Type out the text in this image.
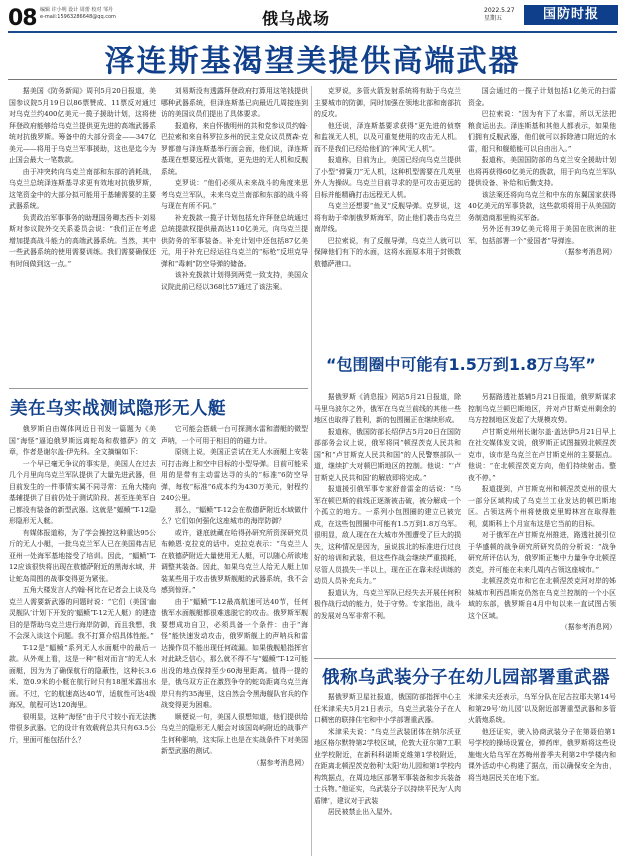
08 编辑 许小明 设计 周蕾 校对 邹丹
e-mail:15963286648@qq.com	俄乌战场	2022.5.27
星期五	国防时报
泽连斯基渴望美提供高端武器

据美国《防务新闻》周刊5月20日报道，美国参议院5月19日以86票赞成、11票反对通过对乌克兰约400亿美元一揽子援助计划，这将使拜登政府能够给乌克兰提供更先进的高端武器系统对抗俄罗斯。筹备中的大部分资金——347亿美元——将用于乌克兰军事援助，这也是迄今为止国会最大一笔数款。

由于冲突转向乌克兰南部和东部的消耗战，乌克兰总统泽连斯基寻求更有效地对抗俄罗斯，这笔资金中的大部分拟可能用于基辅需要的主要武器系统。

负责政治军事事务的助理国务卿杰西卡·刘易斯对参议院外交关系委员会说：“我们正在考虑增加提高战斗能力的高端武器系统。当然，其中一些武器系统的使用需要训练。我们需要确保还有时间做到这一点。”

刘易斯没有透露拜登政府打算用这笔钱提供哪种武器系统，但泽连斯基已向最近几周接连到访的美国议员们提出了具体要求。

报道称，来自怀俄明州的共和党参议员约翰·巴拉索和来自科罗拉多州的民主党众议员贾森·克罗都曾与泽连斯基举行面会面，他们说，泽连斯基现在想要远程火箭炮，更先进的无人机和反舰系统。

克罗说：“他们必须从未来战斗的角度来思考乌克兰军队，未来乌克兰南部和东部的战斗将与现在有所不同。”

补充拨款一揽子计划包括允许拜登总统通过总统提款权提供最高达110亿美元，向乌克兰提供防务的军事装备。补充计划中还包括87亿美元，用于补充已经运往乌克兰的“标枪”反坦克导弹和“毒刺”防空导弹的储备。

该补充拨款计划得到两党一致支持，美国众议院此前已经以368比57通过了该法案。

克罗说，多管火箭发射系统将有助于乌克兰主要城市的防御，同时加强在领地北部和南部抗的反攻。

他还说，泽连斯基要求获得“更先进的侦察和监视无人机，以及可重复使用的攻击无人机。而不是我们已经给他们的‘神风’无人机”。

报道称，目前为止，美国已经向乌克兰提供了小型“弹簧刀”无人机，这种机型需要在几英里外人为操纵。乌克兰目前寻求的是可攻击更远的目标并能精确打击远程无人机。

乌克兰还想要“鱼叉”反舰导弹。克罗说，这将有助于牵制俄罗斯海军，防止他们袭击乌克兰南岸线。

巴拉索说，有了反舰导弹，乌克兰人就可以保障他们有下的水面，这将水面原本用于封锁数敖德萨港口。

国会通过的一揽子计划包括1亿美元的扫雷资金。

巴拉索说：“因为有下了水雷，所以无法把粮食运出去。泽连斯基和其他人都表示，如果他们拥有反舰武器，他们就可以拆除港口附近的水雷，船只和舰船能可以自由出入。”

报道称，美国国防部的乌克兰安全援助计划也将再获得60亿美元的拨款，用于向乌克兰军队提供设备、补给和后勤支持。

该法案还将向乌克兰和中东的东翼国家获得40亿美元的军事贷款，这些款项将用于从美国防务制造商那里购买军备。

另外还有39亿美元将用于美国在欧洲的驻军，包括部署一个“爱国者”导弹连。

（据参考消息网）

美在乌实战测试隐形无人艇

俄罗斯自由媒体网近日刊发一篇题为《美国“海怪”逼迫俄罗斯远离蛇岛和敖德萨》的文章，作者是谢尔盖·伊先科。全文摘编如下：

一个早已毫无争议的事实是，美国人在过去几个月里向乌克兰军队提供了大量先进武器，但目前发生的一件事情实属不同寻常：五角大楼向基辅提供了目前仍处于测试阶段、甚至连美军自己都没有装备的新型武器。这就是“蝠鲼”T-12隐形隐形无人艇。

有媒体报道称，为了学会操控这种重达95公斤的无人小艇，一批乌克兰军人已在美国弗吉尼亚州一处海军基地接受了培训。因此，“蝠鲼”T-12应该很快将出现在敖德萨附近的黑海水域，并让蛇岛周围的战事变得更为紧张。

五角大楼发言人约翰·柯比在记者会上谈及乌克兰人需要新武器的问题时说：“它们（美国‘幽灵舰队’计划下开发的‘蝠鲼’T-12无人艇）的建造目的是帮助乌克兰进行海岸防御，而且我想，我不会深入谈这个问题。我不打算介绍具体性能。”

T-12是“蝠鲼”系列无人水面艇中的最后一款。从外观上看，这是一种“相对而言”的无人水面艇，因为为了确保航行的隐蔽性，这种长3.6米、宽0.9米的小艇在航行时只有18厘米露出水面。不过，它的航速高达40节，适航性可达4级海况，航程可达120海里。

很明显，这种“海怪”由于尺寸较小而无法携带很多武器。它的设计有效载荷总共只有63.5公斤，里面可能包括什么？

它可能会搭载一台可探测水雷和潜艇的微型声呐，一个可用于相目的的磁力计。

原则上说，美国正尝试在无人水面艇上安装可打击海上和空中目标的小型导弹。目前可能采用的是带有主动雷达寻的头的“标准”6防空导弹，每枚“标准”6成本约为430万美元，射程约240公里。

那么，“蝠鲼”T-12会在敖德萨附近水域做什么？它们如何强化这座城市的海岸防御？

或许，谜底就藏在哈得孙研究所资深研究员布赖恩·克拉克的话中。克拉克表示：“乌克兰人在敖德萨附近大量使用无人艇，可以随心所欲地调整其装备。因此，如果乌克兰人给无人艇上加装某些用于攻击俄罗斯舰艇的武器系统，我不会感到惊讶。”

由于“蝠鲼”T-12最高航速可达40节，任何俄军水面舰艇都很难逃脱它的攻击。俄罗斯军舰要想成功自卫，必须具备一个条件：由于“海怪”能快速发动攻击，俄罗斯舰上的声呐兵和雷达操作员不能出现任何疏漏。如果俄舰船指挥官对此缺乏信心，那么就不得不与“蝠鲼”T-12可能出没的地点保持至少60海里距离。值得一提的是，俄乌双方正在激烈争夺的蛇岛距离乌克兰海岸只有约35海里，这自然会令黑海舰队官兵的作战变得更为困难。

顺便说一句，美国人很想知道，他们提供给乌克兰的隐形无人艇会对该国岛屿附近的战事产生何种影响，这实际上也是在实战条件下对美国新型武器的测试。

（据参考消息网）

“包围圈中可能有1.5万到1.8万乌军”

据俄罗斯《消息报》网站5月21日报道，除马里乌波尔之外，俄军在乌克兰前线的其他一些地区也取得了胜利，新的包围圈正在继续形成。

报道称，俄国防部长绍伊古5月20日在国防部部务会议上说，俄军将同“顿涅茨克人民共和国”和“卢甘斯克人民共和国”的人民警察部队一道，继续扩大对顿巴斯地区的控制。他说：“‘卢甘斯克人民共和国’的解放即将完成。”

报道援引俄军事专家舒普雷金的话说：“乌军在顿巴斯的前线正逐渐被击破，被分解成一个个孤立的地方。一系列小包围圈的建立已被完成，在这些包围圈中可能有1.5万到1.8万乌军。很明显，敌人现在在大城市外围遭受了巨大的损失，这种情况是因为，虽说拔北的标准进行过良好的培训和武装，但这些作战会继续严重损耗，尽管人员损失一半以上，现在正在靠未经训练的动员人员补充兵力。”

报道认为，乌克兰军队已经失去开展任何积极作战行动的能力，处于守势。专家指出，战斗的发展对乌军非常不利。

另据路透社基辅5月21日报道，俄罗斯谋求控制乌克兰顿巴斯地区，并对卢甘斯克州剩余的乌方控制地区发起了大规模攻势。

卢甘斯克州州长谢尔盖·盖达伊5月21日早上在社交媒体发文说，俄罗斯正试图摧毁北顿涅茨克市，该市是乌克兰在卢甘斯克州的主要据点。他说：“在北顿涅茨克方向，他们持续射击。整夜不停。”

报道提到，卢甘斯克州和顿涅茨克州的很大一部分区域构成了乌克兰工业发达的顿巴斯地区。占领这两个州将使俄克里姆林宫在取得胜利，莫斯科上个月宣布这是它当前的目标。

对于俄军在卢甘斯克州推进，路透社援引位于华盛顿的战争研究所研究员的分析说：“战争研究所评估认为，俄罗斯正集中力量争夺北顿涅茨克，并可能在未来几周内占领这座城市。”

北顿涅茨克市和它在北顿涅茨克河对岸的姊妹城市利西昌斯克仍然在乌克兰控制的一个小区域的东部，俄罗斯自4月中旬以来一直试图占领这个区域。

（据参考消息网）

俄称乌武装分子在幼儿园部署重武器

据俄罗斯卫星社报道，俄国防部指挥中心主任米津采夫5月21日表示，乌克兰武装分子在人口稠密的联排住宅和中小学部署重武器。

米津采夫说：“乌克兰武装团体在纳尔沃亚地区格尔默特第2学校区域，伦敦大亚尔第7工职业学校附近，在新科科诺斯克维第1学校附近，在距离北顿涅茨克勃利‘太阳’幼儿园和第1学校内构筑据点，在周边地区部署军事装备和步兵装备士兵物。”他证实，乌武装分子以持续平民为‘人肉盾牌’，建议对于武装

居民被禁止出入屋外。

米津采夫还表示，乌军分队在尼古拉耶夫第14号和第29号‘幼儿园’以及附近部署重型武器和多管火箭炮系统。

他还证实，驶入协商武装分子在第聂伯第1号学校的操场设置仓，弹药库，俄罗斯将这些设施炮火给乌军在苏梅州普季夫利第2中学楼内和课外活动中心构建了据点，而以确保安全为由，将当地居民关在地下室。
